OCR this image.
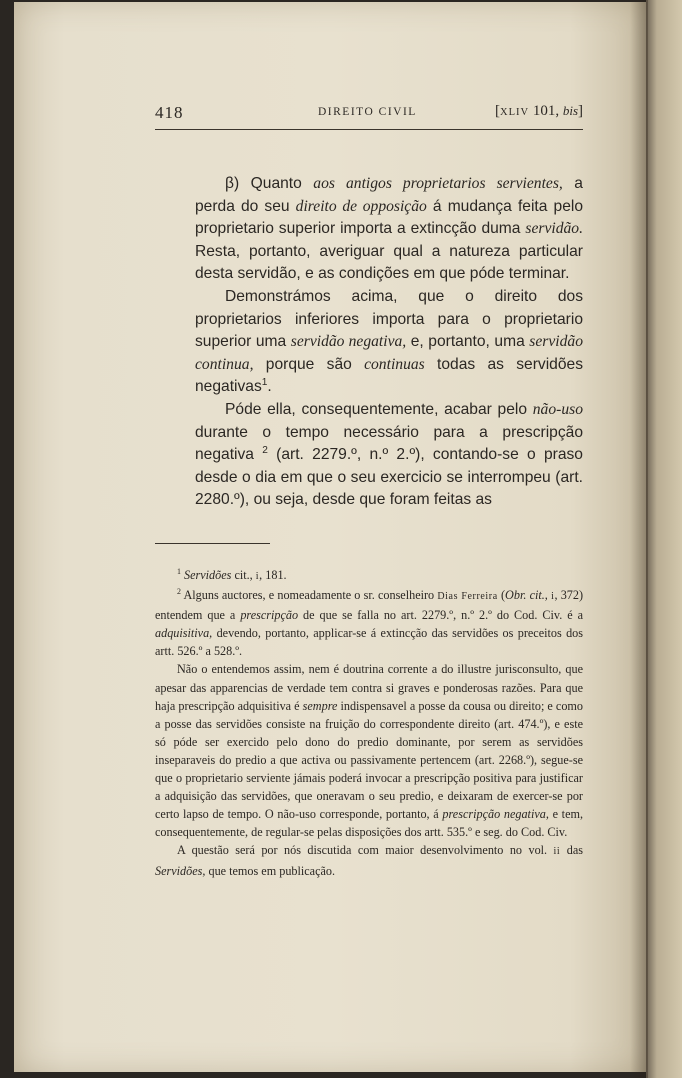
418	DIREITO CIVIL	[XLIV 101, bis]

β) Quanto aos antigos proprietarios servientes, a perda do seu direito de opposição á mudança feita pelo proprietario superior importa a extincção duma servidão. Resta, portanto, averiguar qual a natureza particular desta servidão, e as condições em que póde terminar.

Demonstrámos acima, que o direito dos proprietarios inferiores importa para o proprietario superior uma servidão negativa, e, portanto, uma servidão continua, porque são continuas todas as servidões negativas$^1$.

Póde ella, consequentemente, acabar pelo não-uso durante o tempo necessário para a prescripção negativa $^2$ (art. 2279.º, n.º 2.º), contando-se o praso desde o dia em que o seu exercicio se interrompeu (art. 2280.º), ou seja, desde que foram feitas as

$^1$ Servidões cit., i, 181.

$^2$ Alguns auctores, e nomeadamente o sr. conselheiro Dias Ferreira (Obr. cit., i, 372) entendem que a prescripção de que se falla no art. 2279.º, n.º 2.º do Cod. Civ. é a adquisitiva, devendo, portanto, applicar-se á extincção das servidões os preceitos dos artt. 526.º a 528.º.

Não o entendemos assim, nem é doutrina corrente a do illustre jurisconsulto, que apesar das apparencias de verdade tem contra si graves e ponderosas razões. Para que haja prescripção adquisitiva é sempre indispensavel a posse da cousa ou direito; e como a posse das servidões consiste na fruição do correspondente direito (art. 474.º), e este só póde ser exercido pelo dono do predio dominante, por serem as servidões inseparaveis do predio a que activa ou passivamente pertencem (art. 2268.º), segue-se que o proprietario serviente jámais poderá invocar a prescripção positiva para justificar a adquisição das servidões, que oneravam o seu predio, e deixaram de exercer-se por certo lapso de tempo. O não-uso corresponde, portanto, á prescripção negativa, e tem, consequentemente, de regular-se pelas disposições dos artt. 535.º e seg. do Cod. Civ.

A questão será por nós discutida com maior desenvolvimento no vol. ii das Servidões, que temos em publicação.
